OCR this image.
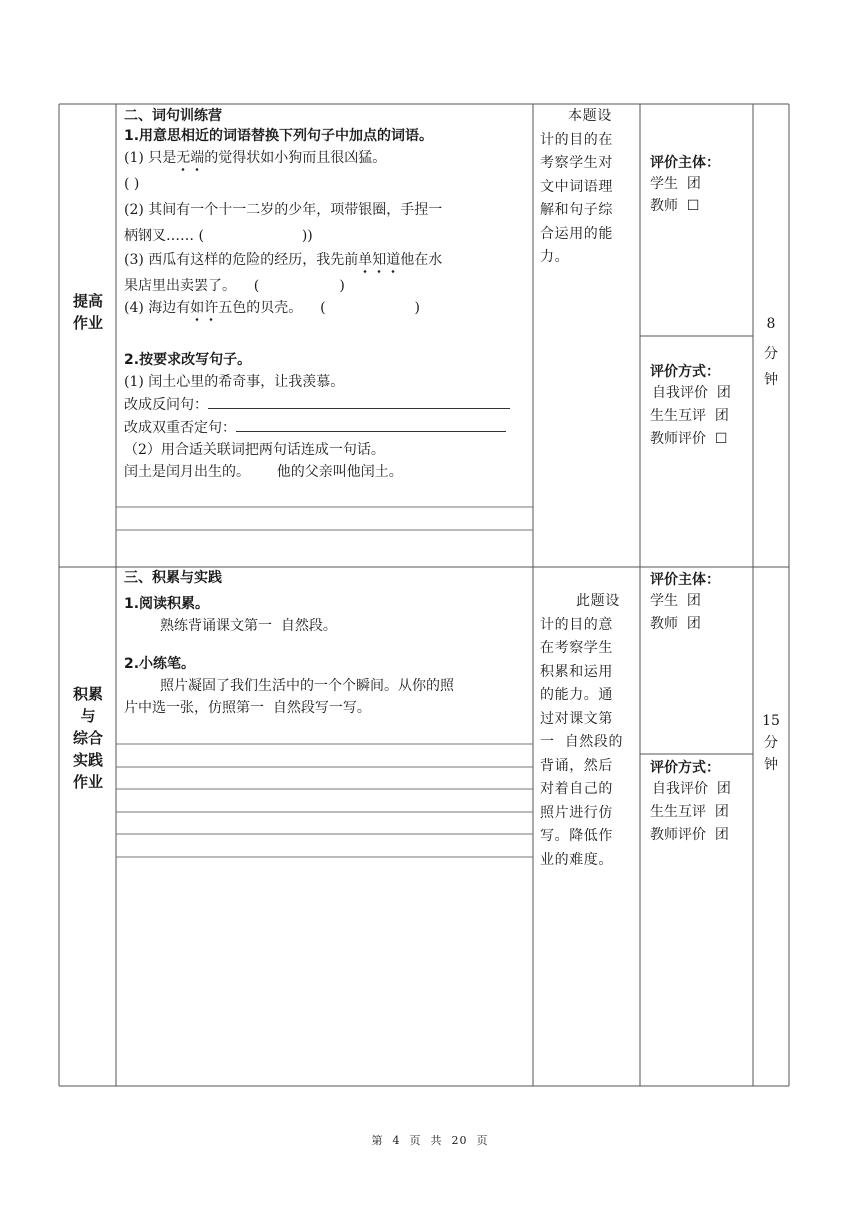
提高
作业
二、词句训练营
1.用意思相近的词语替换下列句子中加点的词语。
(1) 只是无端的觉得状如小狗而且很凶猛。
( )
(2) 其间有一个十一二岁的少年，项带银圈，手捏一
柄钢叉…… (                      ))
(3) 西瓜有这样的危险的经历，我先前单知道他在水
果店里出卖罢了。    (                  )
(4) 海边有如许五色的贝壳。    (                    )
2.按要求改写句子。
(1) 闰土心里的希奇事，让我羡慕。
改成反问句：
改成双重否定句：
（2）用合适关联词把两句话连成一句话。
闰土是闰月出生的。      他的父亲叫他闰土。
本题设
计的目的在
考察学生对
文中词语理
解和句子综
合运用的能
力。
评价主体：
学生  团
教师  ☐
评价方式：
自我评价  团
生生互评  团
教师评价  ☐
8
分
钟
积累
与
综合
实践
作业
三、积累与实践
1.阅读积累。
熟练背诵课文第一  自然段。
2.小练笔。
照片凝固了我们生活中的一个个瞬间。从你的照
片中选一张，仿照第一  自然段写一写。
此题设
计的目的意
在考察学生
积累和运用
的能力。通
过对课文第
一  自然段的
背诵，然后
对着自己的
照片进行仿
写。降低作
业的难度。
评价主体：
学生  团
教师  团
评价方式：
自我评价  团
生生互评  团
教师评价  团
15
分
钟
第  4  页  共  20  页
